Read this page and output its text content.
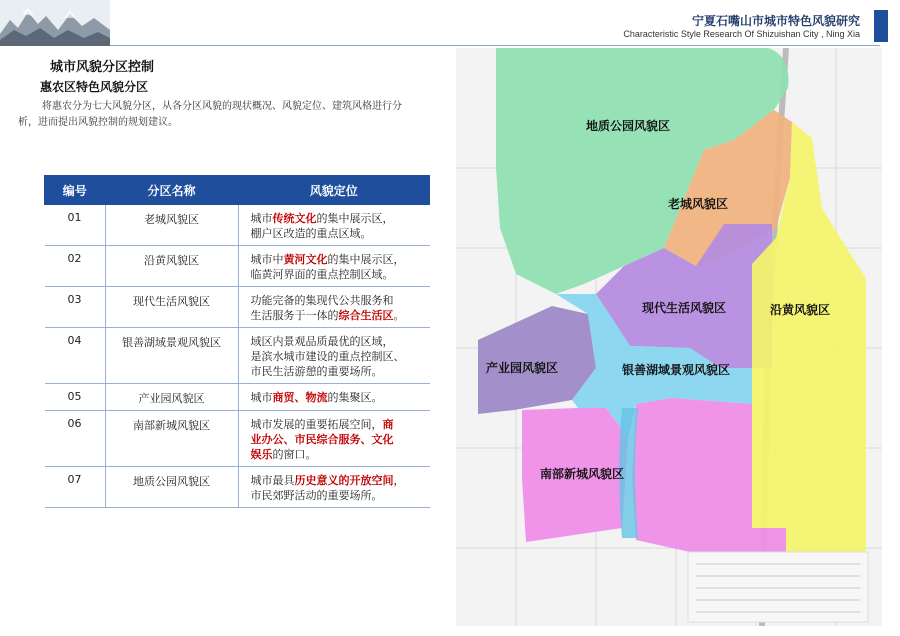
宁夏石嘴山市城市特色风貌研究
Characteristic Style Research Of Shizuishan City , Ning Xia
城市风貌分区控制
惠农区特色风貌分区
将惠农分为七大风貌分区，从各分区风貌的现状概况、风貌定位、建筑风格进行分析，进而提出风貌控制的规划建议。
编号	分区名称	风貌定位
01	老城风貌区	城市传统文化的集中展示区，
棚户区改造的重点区域。
02	沿黄风貌区	城市中黄河文化的集中展示区，
临黄河界面的重点控制区域。
03	现代生活风貌区	功能完备的集现代公共服务和
生活服务于一体的综合生活区。
04	银善湖域景观风貌区	域区内景观品质最优的区域，
是滨水城市建设的重点控制区、
市民生活游憩的重要场所。
05	产业园风貌区	城市商贸、物流的集聚区。
06	南部新城风貌区	城市发展的重要拓展空间，商
业办公、市民综合服务、文化
娱乐的窗口。
07	地质公园风貌区	城市最具历史意义的开放空间，
市民郊野活动的重要场所。
地质公园风貌区
老城风貌区
现代生活风貌区	沿黄风貌区
产业园风貌区	银善湖域景观风貌区
南部新城风貌区
